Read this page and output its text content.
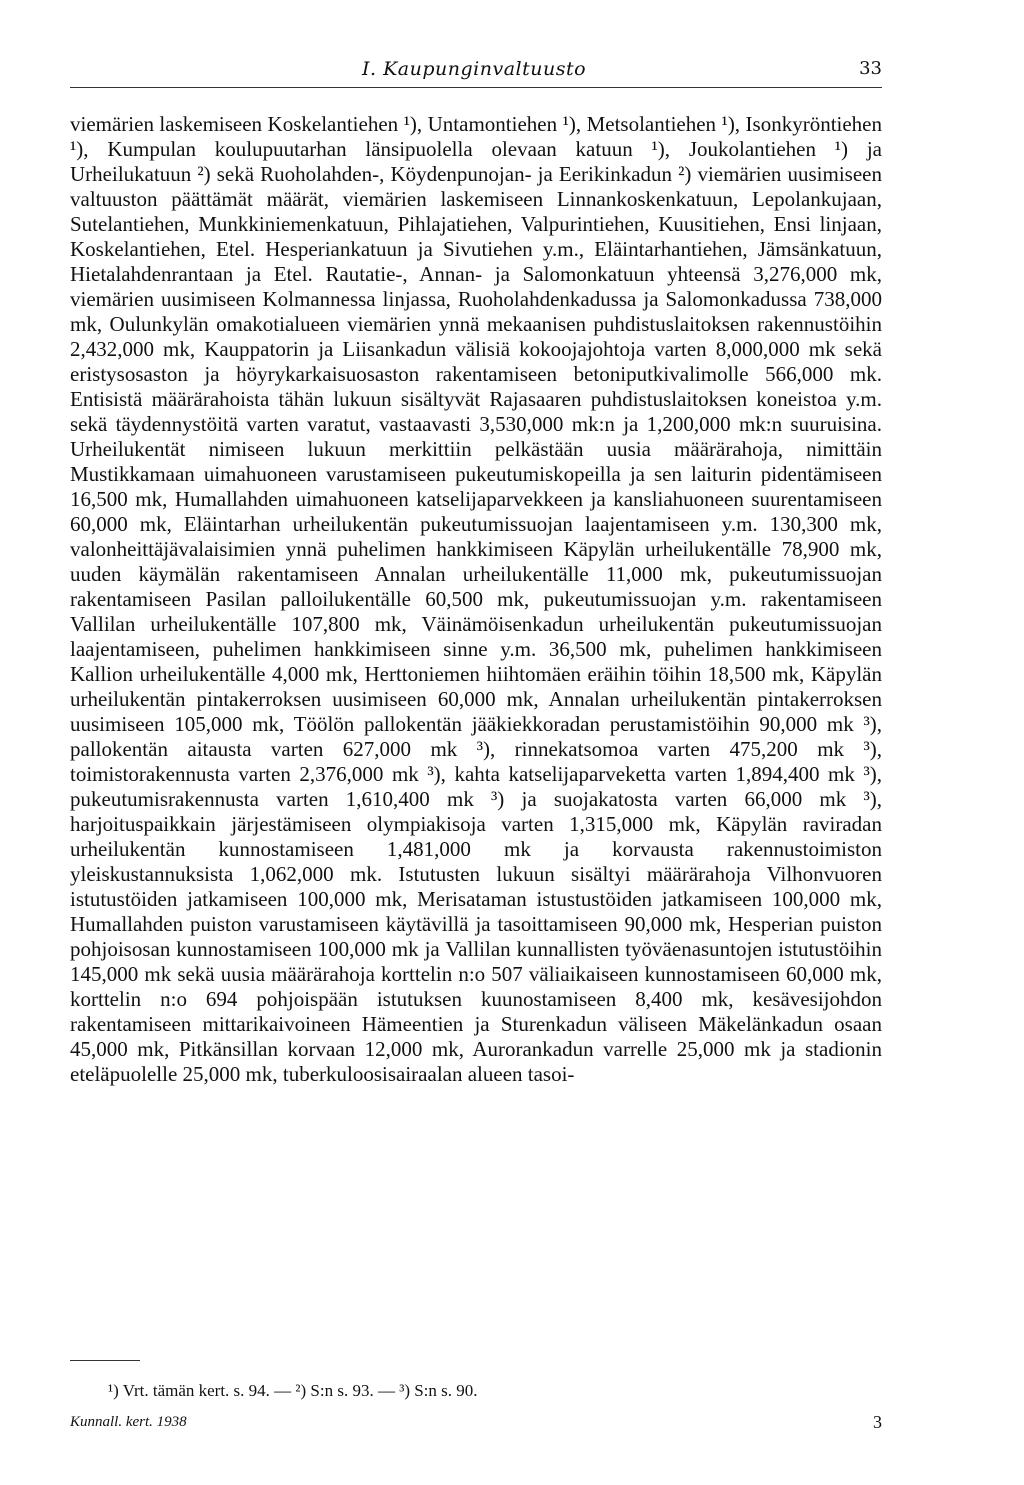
I. Kaupunginvaltuusto	33

viemärien laskemiseen Koskelantiehen ¹), Untamontiehen ¹), Metsolantiehen ¹), Isonkyröntiehen ¹), Kumpulan koulupuutarhan länsipuolella olevaan katuun ¹), Joukolantiehen ¹) ja Urheilukatuun ²) sekä Ruoholahden-, Köydenpunojan- ja Eerikinkadun ²) viemärien uusimiseen valtuuston päättämät määrät, viemärien laskemiseen Linnankoskenkatuun, Lepolankujaan, Sutelantiehen, Munkkiniemenkatuun, Pihlajatiehen, Valpurintiehen, Kuusitiehen, Ensi linjaan, Koskelantiehen, Etel. Hesperiankatuun ja Sivutiehen y.m., Eläintarhantiehen, Jämsänkatuun, Hietalahdenrantaan ja Etel. Rautatie-, Annan- ja Salomonkatuun yhteensä 3,276,000 mk, viemärien uusimiseen Kolmannessa linjassa, Ruoholahdenkadussa ja Salomonkadussa 738,000 mk, Oulunkylän omakotialueen viemärien ynnä mekaanisen puhdistuslaitoksen rakennustöihin 2,432,000 mk, Kauppatorin ja Liisankadun välisiä kokoojajohtoja varten 8,000,000 mk sekä eristysosaston ja höyrykarkaisuosaston rakentamiseen betoniputkivalimolle 566,000 mk. Entisistä määrärahoista tähän lukuun sisältyvät Rajasaaren puhdistuslaitoksen koneistoa y.m. sekä täydennystöitä varten varatut, vastaavasti 3,530,000 mk:n ja 1,200,000 mk:n suuruisina. Urheilukentät nimiseen lukuun merkittiin pelkästään uusia määrärahoja, nimittäin Mustikkamaan uimahuoneen varustamiseen pukeutumiskopeilla ja sen laiturin pidentämiseen 16,500 mk, Humallahden uimahuoneen katselijaparvekkeen ja kansliahuoneen suurentamiseen 60,000 mk, Eläintarhan urheilukentän pukeutumissuojan laajentamiseen y.m. 130,300 mk, valonheittäjävalaisimien ynnä puhelimen hankkimiseen Käpylän urheilukentälle 78,900 mk, uuden käymälän rakentamiseen Annalan urheilukentälle 11,000 mk, pukeutumissuojan rakentamiseen Pasilan palloilukentälle 60,500 mk, pukeutumissuojan y.m. rakentamiseen Vallilan urheilukentälle 107,800 mk, Väinämöisenkadun urheilukentän pukeutumissuojan laajentamiseen, puhelimen hankkimiseen sinne y.m. 36,500 mk, puhelimen hankkimiseen Kallion urheilukentälle 4,000 mk, Herttoniemen hiihtomäen eräihin töihin 18,500 mk, Käpylän urheilukentän pintakerroksen uusimiseen 60,000 mk, Annalan urheilukentän pintakerroksen uusimiseen 105,000 mk, Töölön pallokentän jääkiekkoradan perustamistöihin 90,000 mk ³), pallokentän aitausta varten 627,000 mk ³), rinnekatsomoa varten 475,200 mk ³), toimistorakennusta varten 2,376,000 mk ³), kahta katselijaparveketta varten 1,894,400 mk ³), pukeutumisrakennusta varten 1,610,400 mk ³) ja suojakatosta varten 66,000 mk ³), harjoituspaikkain järjestämiseen olympiakisoja varten 1,315,000 mk, Käpylän raviradan urheilukentän kunnostamiseen 1,481,000 mk ja korvausta rakennustoimiston yleiskustannuksista 1,062,000 mk. Istutusten lukuun sisältyi määrärahoja Vilhonvuoren istutustöiden jatkamiseen 100,000 mk, Merisataman istustustöiden jatkamiseen 100,000 mk, Humallahden puiston varustamiseen käytävillä ja tasoittamiseen 90,000 mk, Hesperian puiston pohjoisosan kunnostamiseen 100,000 mk ja Vallilan kunnallisten työväenasuntojen istutustöihin 145,000 mk sekä uusia määrärahoja korttelin n:o 507 väliaikaiseen kunnostamiseen 60,000 mk, korttelin n:o 694 pohjoispään istutuksen kuunostamiseen 8,400 mk, kesävesijohdon rakentamiseen mittarikaivoineen Hämeentien ja Sturenkadun väliseen Mäkelänkadun osaan 45,000 mk, Pitkänsillan korvaan 12,000 mk, Aurorankadun varrelle 25,000 mk ja stadionin eteläpuolelle 25,000 mk, tuberkuloosisairaalan alueen tasoi-

¹) Vrt. tämän kert. s. 94. — ²) S:n s. 93. — ³) S:n s. 90.
Kunnall. kert. 1938	3
